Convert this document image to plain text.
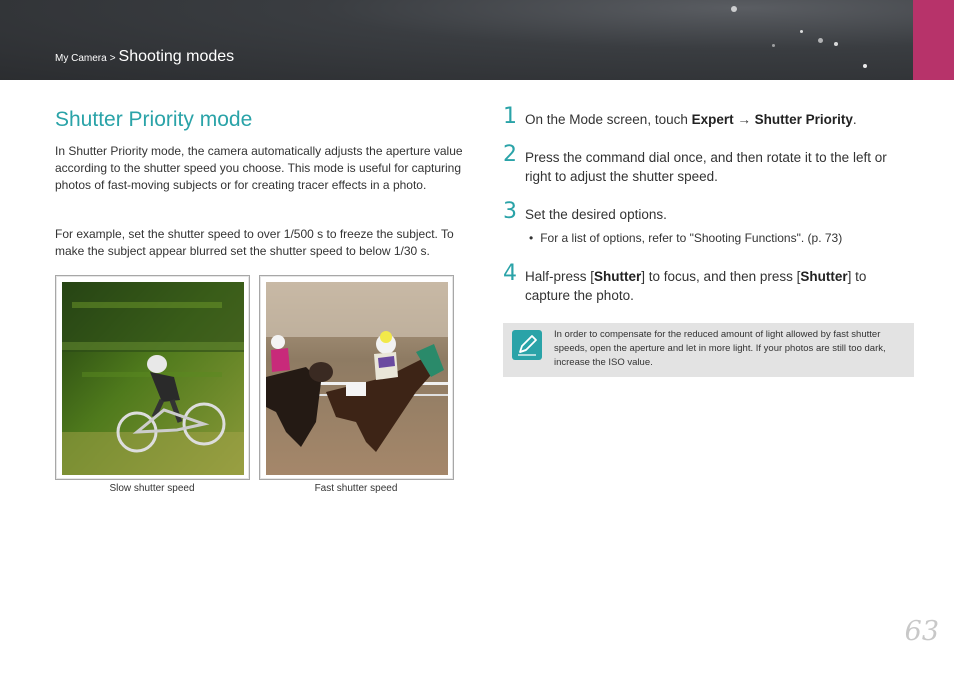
My Camera > Shooting modes
Shutter Priority mode

In Shutter Priority mode, the camera automatically adjusts the aperture value according to the shutter speed you choose. This mode is useful for capturing photos of fast-moving subjects or for creating tracer effects in a photo.

For example, set the shutter speed to over 1/500 s to freeze the subject. To make the subject appear blurred set the shutter speed to below 1/30 s.

Slow shutter speed	Fast shutter speed
1 On the Mode screen, touch Expert → Shutter Priority.
2 Press the command dial once, and then rotate it to the left or right to adjust the shutter speed.
3 Set the desired options.
• For a list of options, refer to "Shooting Functions". (p. 73)
4 Half-press [Shutter] to focus, and then press [Shutter] to capture the photo.
In order to compensate for the reduced amount of light allowed by fast shutter speeds, open the aperture and let in more light. If your photos are still too dark, increase the ISO value.
63
